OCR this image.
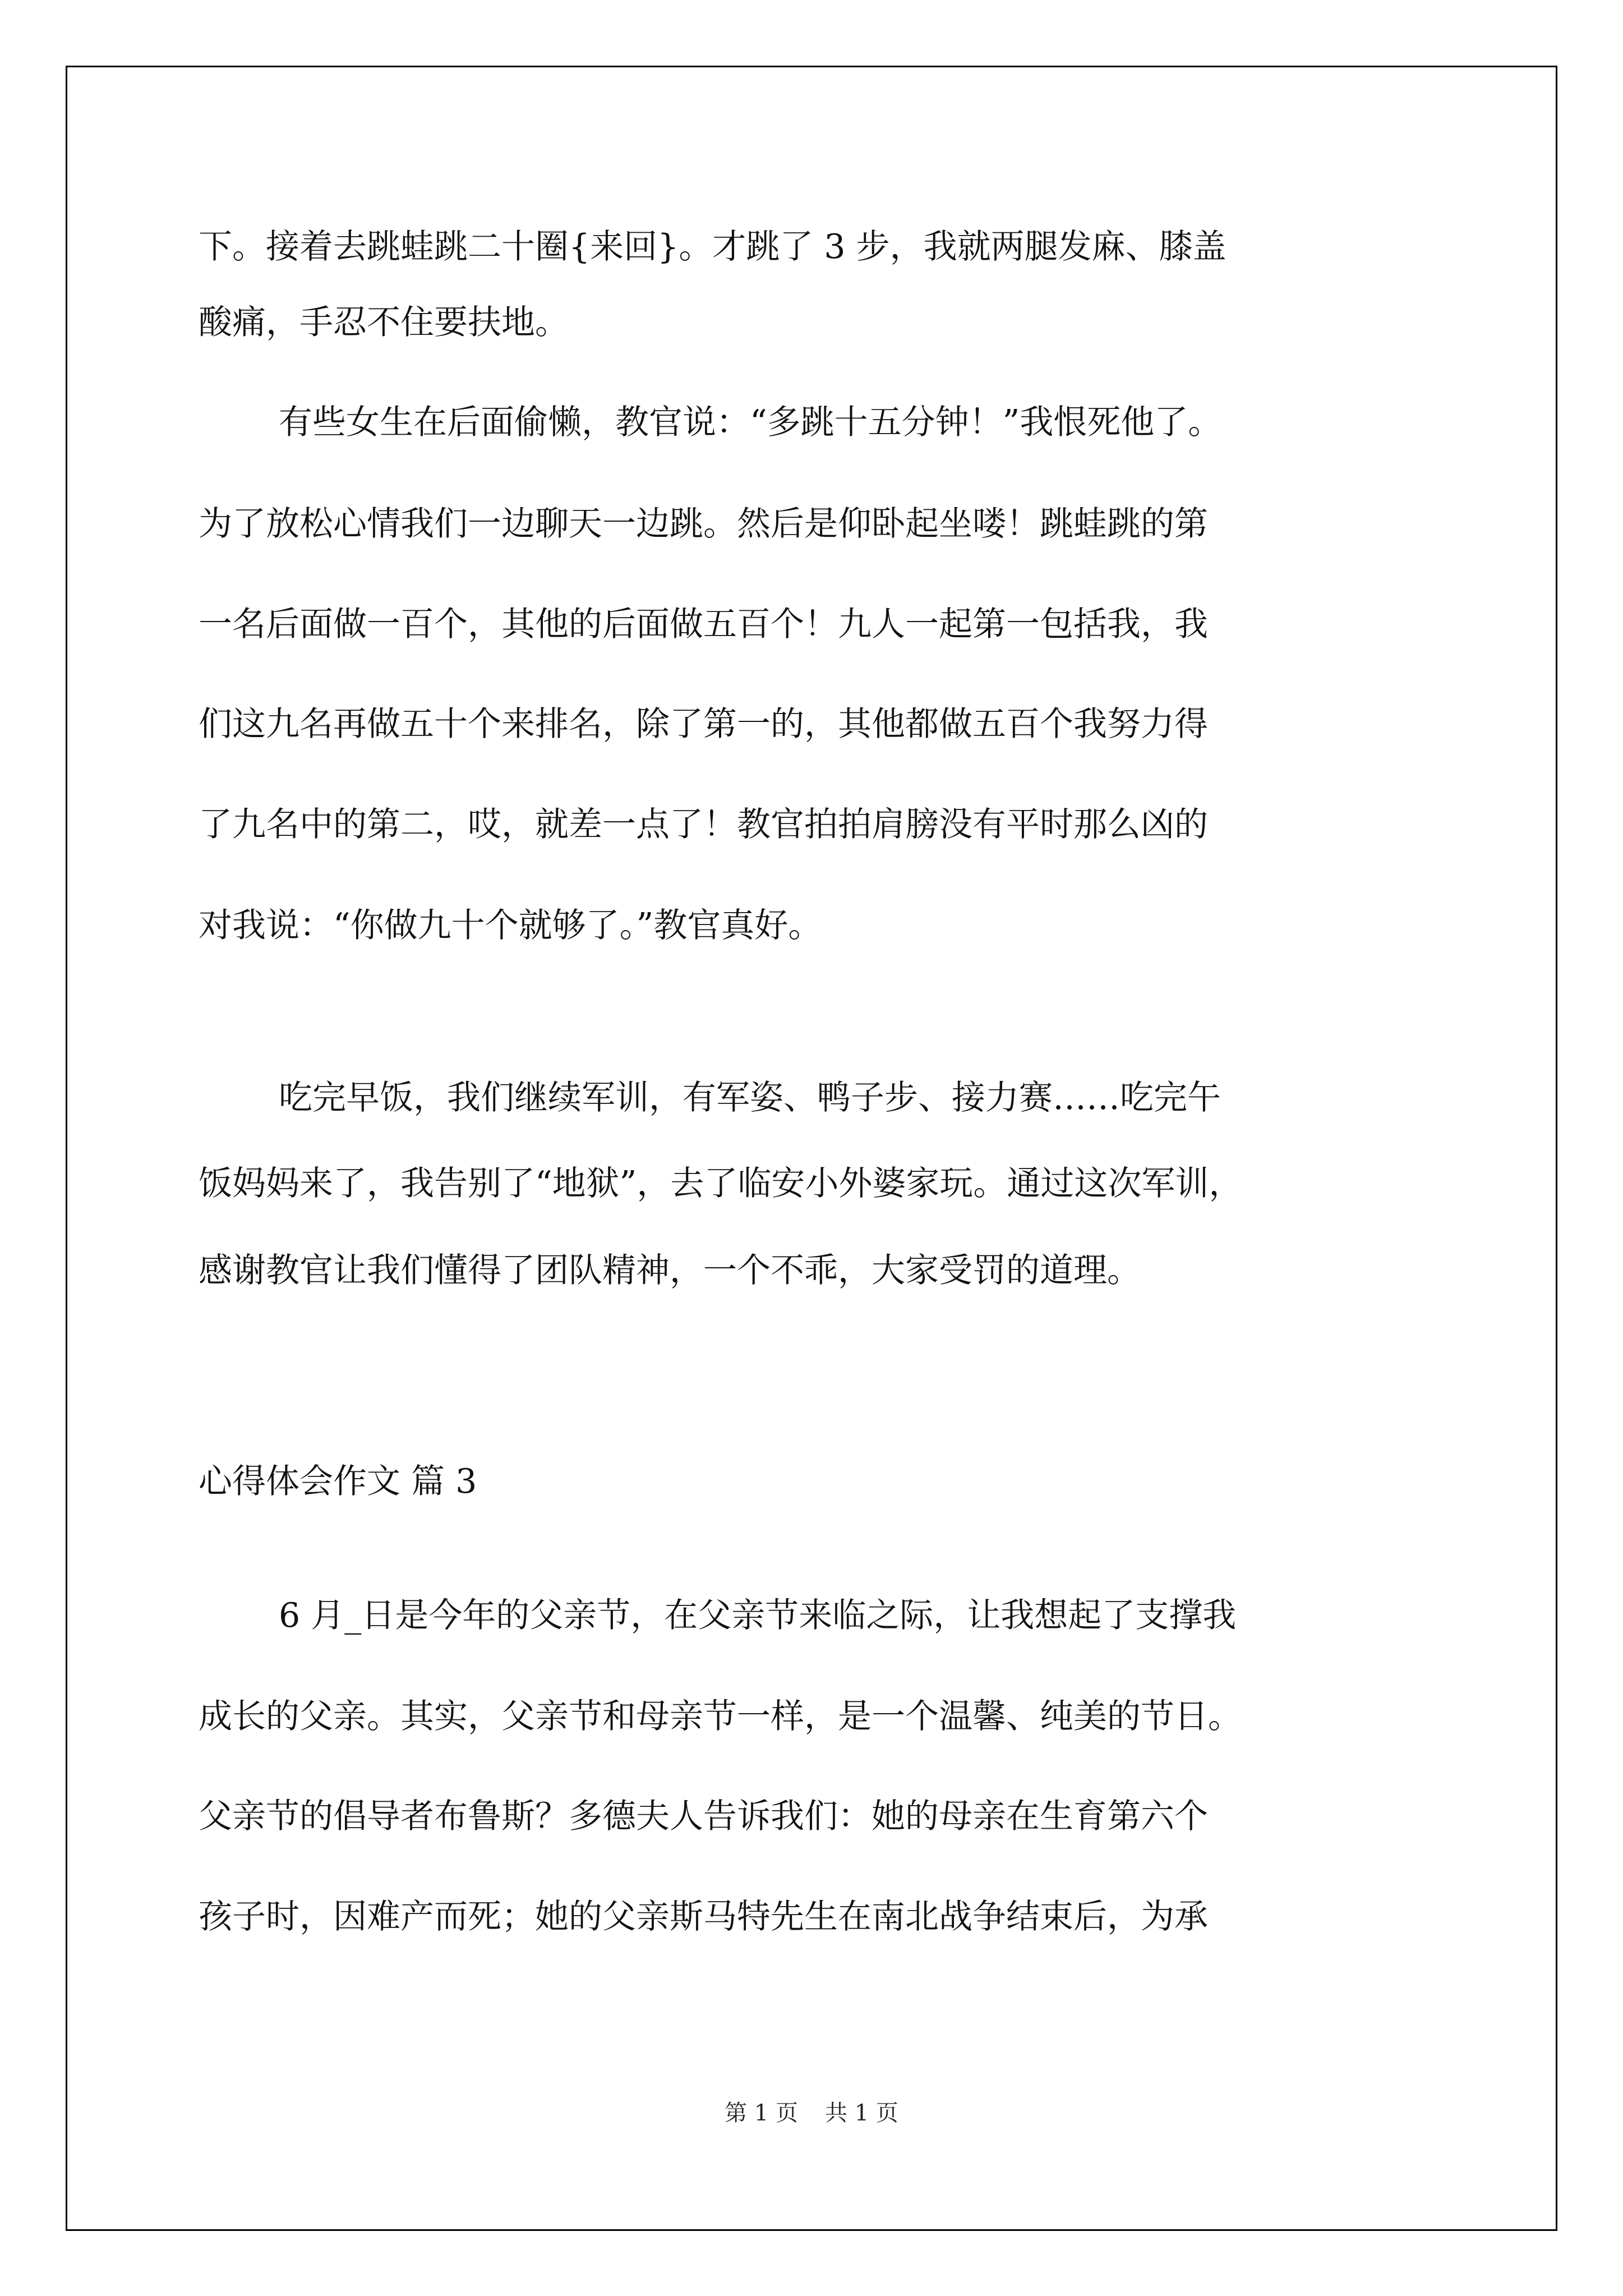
下。接着去跳蛙跳二十圈{来回}。才跳了 3 步，我就两腿发麻、膝盖
酸痛，手忍不住要扶地。
有些女生在后面偷懒，教官说：“多跳十五分钟！”我恨死他了。
为了放松心情我们一边聊天一边跳。然后是仰卧起坐喽！跳蛙跳的第
一名后面做一百个，其他的后面做五百个！九人一起第一包括我，我
们这九名再做五十个来排名，除了第一的，其他都做五百个我努力得
了九名中的第二，哎，就差一点了！教官拍拍肩膀没有平时那么凶的
对我说：“你做九十个就够了。”教官真好。
吃完早饭，我们继续军训，有军姿、鸭子步、接力赛……吃完午
饭妈妈来了，我告别了“地狱”，去了临安小外婆家玩。通过这次军训，
感谢教官让我们懂得了团队精神，一个不乖，大家受罚的道理。
心得体会作文 篇 3
6 月_日是今年的父亲节，在父亲节来临之际，让我想起了支撑我
成长的父亲。其实，父亲节和母亲节一样，是一个温馨、纯美的节日。
父亲节的倡导者布鲁斯？多德夫人告诉我们：她的母亲在生育第六个
孩子时，因难产而死；她的父亲斯马特先生在南北战争结束后，为承
第 1 页 共 1 页
